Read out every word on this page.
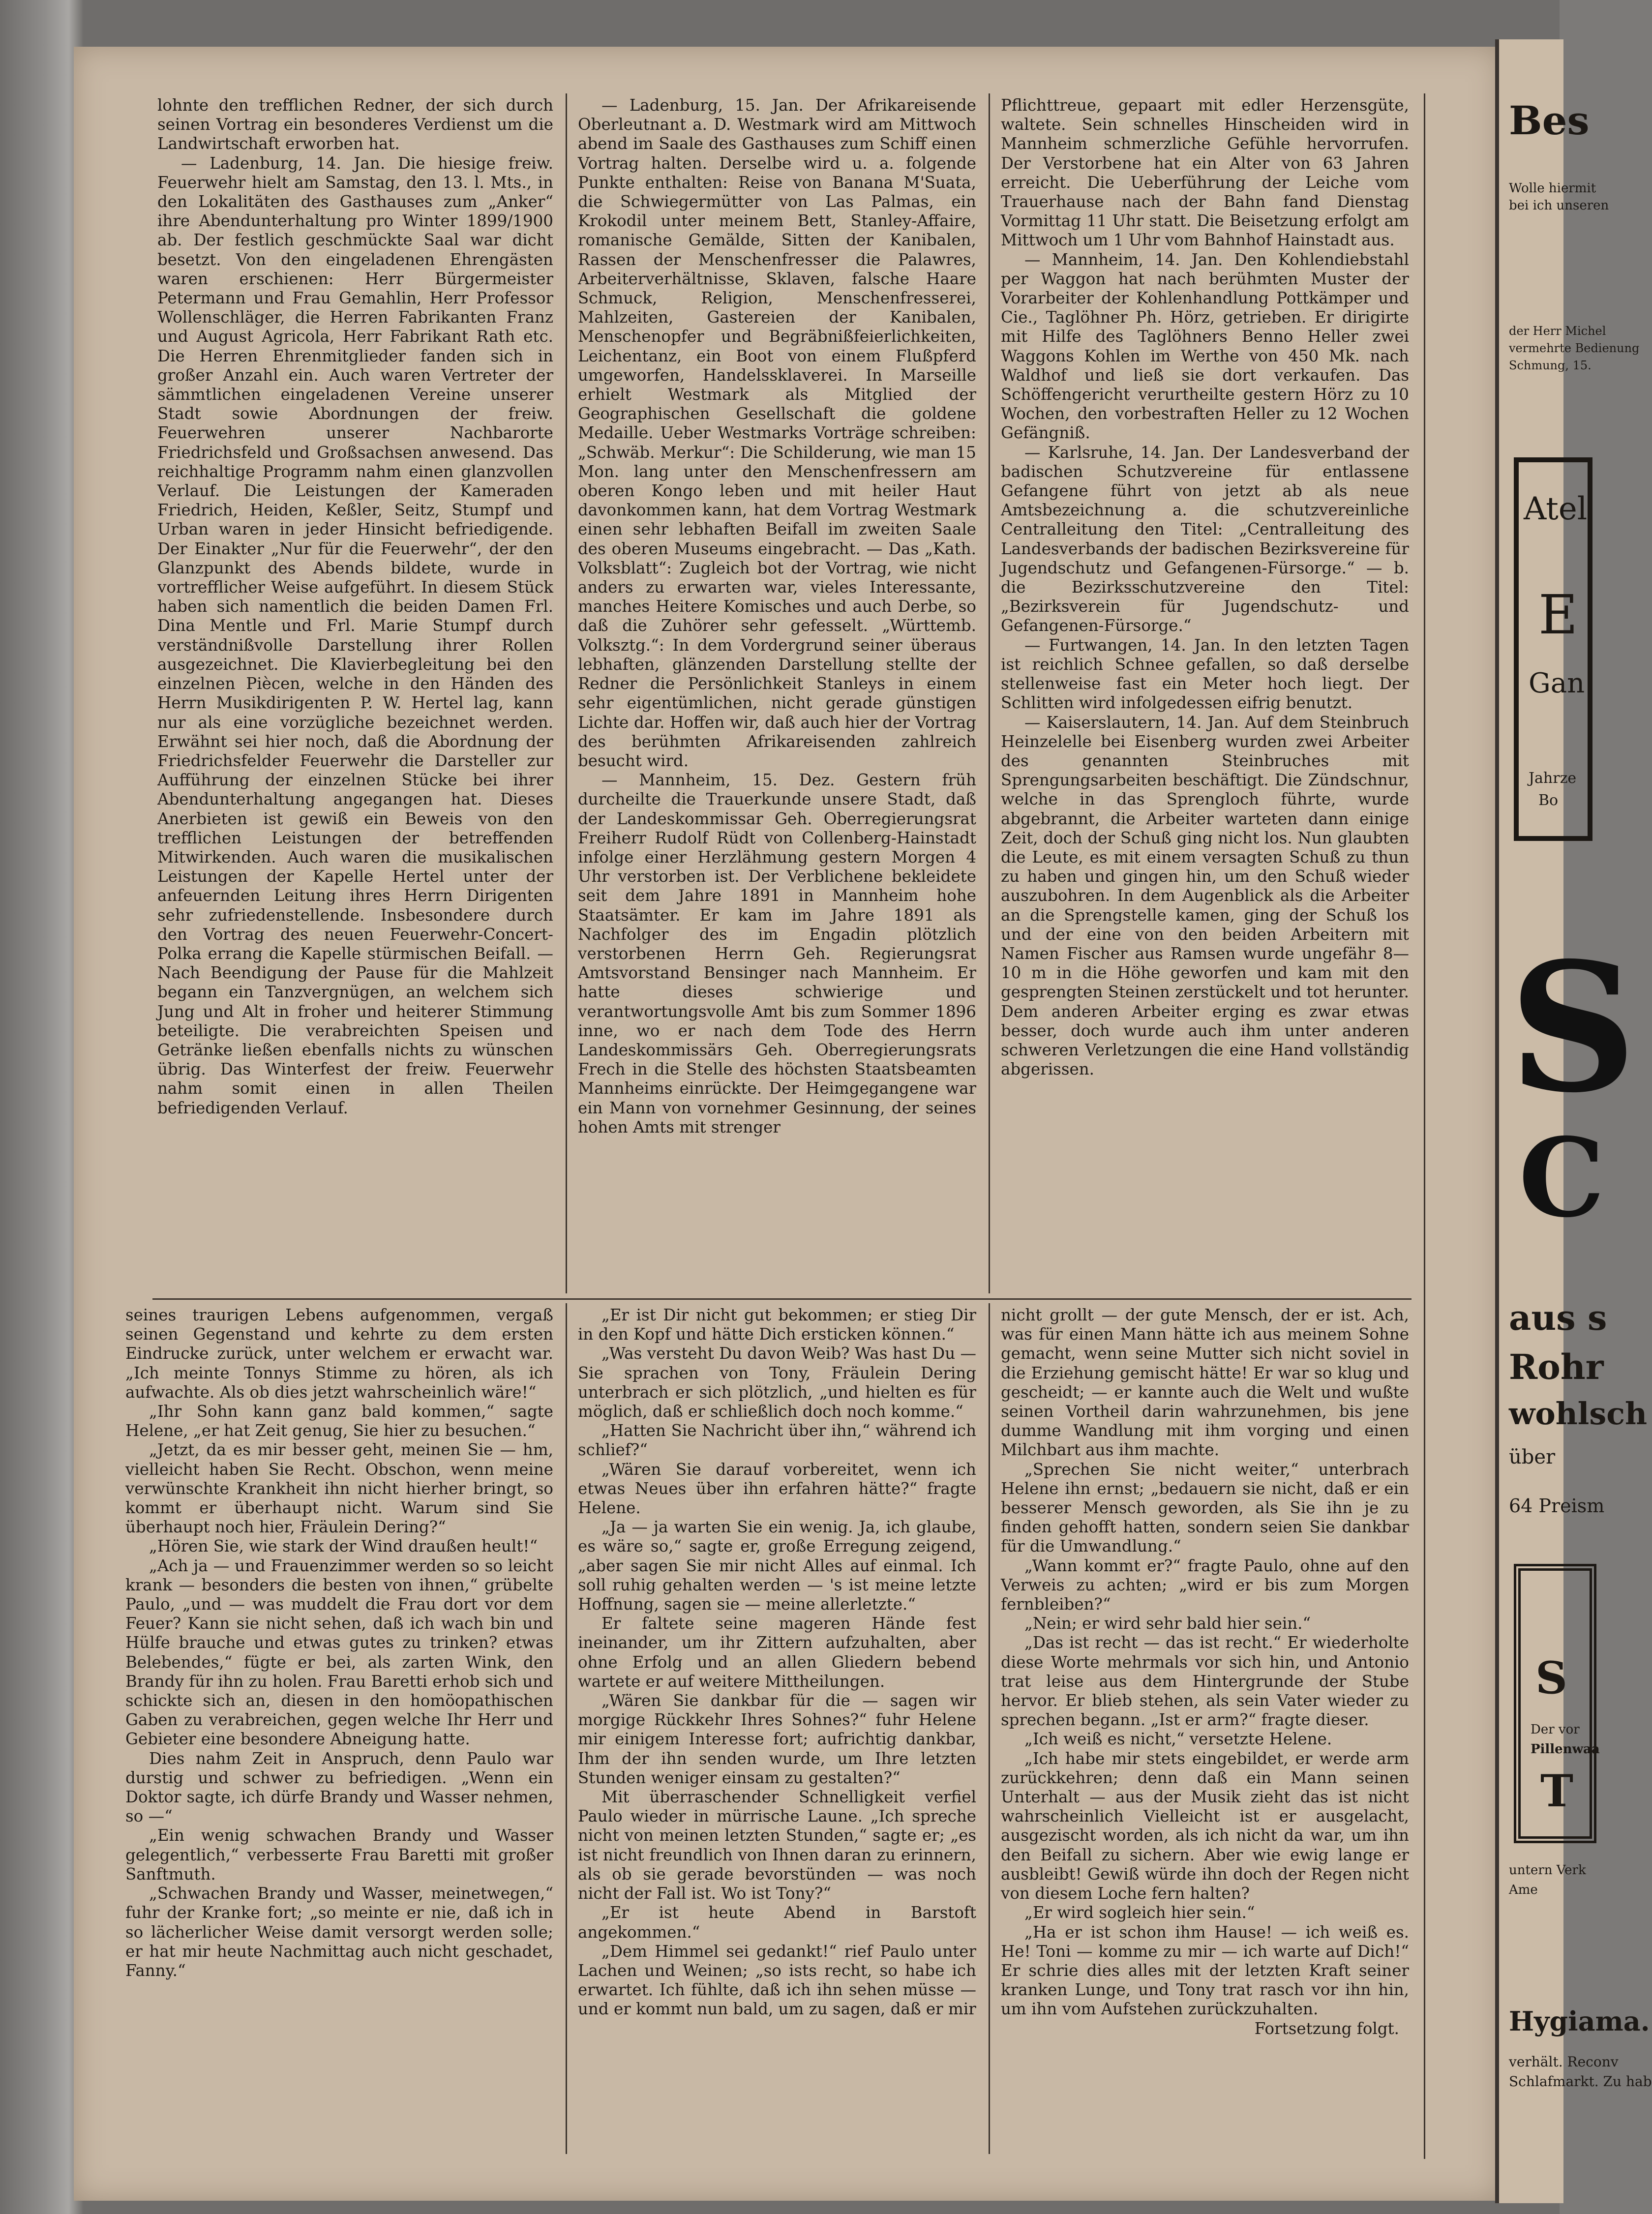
lohnte den trefflichen Redner, der sich durch seinen Vortrag ein besonderes Verdienst um die Landwirtschaft erworben hat.

— Ladenburg, 14. Jan. Die hiesige freiw. Feuerwehr hielt am Samstag, den 13. l. Mts., in den Lokalitäten des Gasthauses zum „Anker“ ihre Abendunterhaltung pro Winter 1899/1900 ab. Der festlich geschmückte Saal war dicht besetzt. Von den eingeladenen Ehrengästen waren erschienen: Herr Bürgermeister Petermann und Frau Gemahlin, Herr Professor Wollenschläger, die Herren Fabrikanten Franz und August Agricola, Herr Fabrikant Rath etc. Die Herren Ehrenmitglieder fanden sich in großer Anzahl ein. Auch waren Vertreter der sämmtlichen eingeladenen Vereine unserer Stadt sowie Abordnungen der freiw. Feuerwehren unserer Nachbarorte Friedrichsfeld und Großsachsen anwesend. Das reichhaltige Programm nahm einen glanzvollen Verlauf. Die Leistungen der Kameraden Friedrich, Heiden, Keßler, Seitz, Stumpf und Urban waren in jeder Hinsicht befriedigende. Der Einakter „Nur für die Feuerwehr“, der den Glanzpunkt des Abends bildete, wurde in vortrefflicher Weise aufgeführt. In diesem Stück haben sich namentlich die beiden Damen Frl. Dina Mentle und Frl. Marie Stumpf durch verständnißvolle Darstellung ihrer Rollen ausgezeichnet. Die Klavierbegleitung bei den einzelnen Piècen, welche in den Händen des Herrn Musikdirigenten P. W. Hertel lag, kann nur als eine vorzügliche bezeichnet werden. Erwähnt sei hier noch, daß die Abordnung der Friedrichsfelder Feuerwehr die Darsteller zur Aufführung der einzelnen Stücke bei ihrer Abendunterhaltung angegangen hat. Dieses Anerbieten ist gewiß ein Beweis von den trefflichen Leistungen der betreffenden Mitwirkenden. Auch waren die musikalischen Leistungen der Kapelle Hertel unter der anfeuernden Leitung ihres Herrn Dirigenten sehr zufriedenstellende. Insbesondere durch den Vortrag des neuen Feuerwehr-Concert-Polka errang die Kapelle stürmischen Beifall. — Nach Beendigung der Pause für die Mahlzeit begann ein Tanzvergnügen, an welchem sich Jung und Alt in froher und heiterer Stimmung beteiligte. Die verabreichten Speisen und Getränke ließen ebenfalls nichts zu wünschen übrig. Das Winterfest der freiw. Feuerwehr nahm somit einen in allen Theilen befriedigenden Verlauf.

— Ladenburg, 15. Jan. Der Afrikareisende Oberleutnant a. D. Westmark wird am Mittwoch abend im Saale des Gasthauses zum Schiff einen Vortrag halten. Derselbe wird u. a. folgende Punkte enthalten: Reise von Banana M'Suata, die Schwiegermütter von Las Palmas, ein Krokodil unter meinem Bett, Stanley-Affaire, romanische Gemälde, Sitten der Kanibalen, Rassen der Menschenfresser die Palawres, Arbeiterverhältnisse, Sklaven, falsche Haare Schmuck, Religion, Menschenfresserei, Mahlzeiten, Gastereien der Kanibalen, Menschenopfer und Begräbnißfeierlichkeiten, Leichentanz, ein Boot von einem Flußpferd umgeworfen, Handelssklaverei. In Marseille erhielt Westmark als Mitglied der Geographischen Gesellschaft die goldene Medaille. Ueber Westmarks Vorträge schreiben: „Schwäb. Merkur“: Die Schilderung, wie man 15 Mon. lang unter den Menschenfressern am oberen Kongo leben und mit heiler Haut davonkommen kann, hat dem Vortrag Westmark einen sehr lebhaften Beifall im zweiten Saale des oberen Museums eingebracht. — Das „Kath. Volksblatt“: Zugleich bot der Vortrag, wie nicht anders zu erwarten war, vieles Interessante, manches Heitere Komisches und auch Derbe, so daß die Zuhörer sehr gefesselt. „Württemb. Volksztg.“: In dem Vordergrund seiner überaus lebhaften, glänzenden Darstellung stellte der Redner die Persönlichkeit Stanleys in einem sehr eigentümlichen, nicht gerade günstigen Lichte dar. Hoffen wir, daß auch hier der Vortrag des berühmten Afrikareisenden zahlreich besucht wird.

— Mannheim, 15. Dez. Gestern früh durcheilte die Trauerkunde unsere Stadt, daß der Landeskommissar Geh. Oberregierungsrat Freiherr Rudolf Rüdt von Collenberg-Hainstadt infolge einer Herzlähmung gestern Morgen 4 Uhr verstorben ist. Der Verblichene bekleidete seit dem Jahre 1891 in Mannheim hohe Staatsämter. Er kam im Jahre 1891 als Nachfolger des im Engadin plötzlich verstorbenen Herrn Geh. Regierungsrat Amtsvorstand Bensinger nach Mannheim. Er hatte dieses schwierige und verantwortungsvolle Amt bis zum Sommer 1896 inne, wo er nach dem Tode des Herrn Landeskommissärs Geh. Oberregierungsrats Frech in die Stelle des höchsten Staatsbeamten Mannheims einrückte. Der Heimgegangene war ein Mann von vornehmer Gesinnung, der seines hohen Amts mit strenger

Pflichttreue, gepaart mit edler Herzensgüte, waltete. Sein schnelles Hinscheiden wird in Mannheim schmerzliche Gefühle hervorrufen. Der Verstorbene hat ein Alter von 63 Jahren erreicht. Die Ueberführung der Leiche vom Trauerhause nach der Bahn fand Dienstag Vormittag 11 Uhr statt. Die Beisetzung erfolgt am Mittwoch um 1 Uhr vom Bahnhof Hainstadt aus.

— Mannheim, 14. Jan. Den Kohlendiebstahl per Waggon hat nach berühmten Muster der Vorarbeiter der Kohlenhandlung Pottkämper und Cie., Taglöhner Ph. Hörz, getrieben. Er dirigirte mit Hilfe des Taglöhners Benno Heller zwei Waggons Kohlen im Werthe von 450 Mk. nach Waldhof und ließ sie dort verkaufen. Das Schöffengericht verurtheilte gestern Hörz zu 10 Wochen, den vorbestraften Heller zu 12 Wochen Gefängniß.

— Karlsruhe, 14. Jan. Der Landesverband der badischen Schutzvereine für entlassene Gefangene führt von jetzt ab als neue Amtsbezeichnung a. die schutzvereinliche Centralleitung den Titel: „Centralleitung des Landesverbands der badischen Bezirksvereine für Jugendschutz und Gefangenen-Fürsorge.“ — b. die Bezirksschutzvereine den Titel: „Bezirksverein für Jugendschutz- und Gefangenen-Fürsorge.“

— Furtwangen, 14. Jan. In den letzten Tagen ist reichlich Schnee gefallen, so daß derselbe stellenweise fast ein Meter hoch liegt. Der Schlitten wird infolgedessen eifrig benutzt.

— Kaiserslautern, 14. Jan. Auf dem Steinbruch Heinzelelle bei Eisenberg wurden zwei Arbeiter des genannten Steinbruches mit Sprengungsarbeiten beschäftigt. Die Zündschnur, welche in das Sprengloch führte, wurde abgebrannt, die Arbeiter warteten dann einige Zeit, doch der Schuß ging nicht los. Nun glaubten die Leute, es mit einem versagten Schuß zu thun zu haben und gingen hin, um den Schuß wieder auszubohren. In dem Augenblick als die Arbeiter an die Sprengstelle kamen, ging der Schuß los und der eine von den beiden Arbeitern mit Namen Fischer aus Ramsen wurde ungefähr 8—10 m in die Höhe geworfen und kam mit den gesprengten Steinen zerstückelt und tot herunter. Dem anderen Arbeiter erging es zwar etwas besser, doch wurde auch ihm unter anderen schweren Verletzungen die eine Hand vollständig abgerissen.

seines traurigen Lebens aufgenommen, vergaß seinen Gegenstand und kehrte zu dem ersten Eindrucke zurück, unter welchem er erwacht war. „Ich meinte Tonnys Stimme zu hören, als ich aufwachte. Als ob dies jetzt wahrscheinlich wäre!“

„Ihr Sohn kann ganz bald kommen,“ sagte Helene, „er hat Zeit genug, Sie hier zu besuchen.“

„Jetzt, da es mir besser geht, meinen Sie — hm, vielleicht haben Sie Recht. Obschon, wenn meine verwünschte Krankheit ihn nicht hierher bringt, so kommt er überhaupt nicht. Warum sind Sie überhaupt noch hier, Fräulein Dering?“

„Hören Sie, wie stark der Wind draußen heult!“

„Ach ja — und Frauenzimmer werden so so leicht krank — besonders die besten von ihnen,“ grübelte Paulo, „und — was muddelt die Frau dort vor dem Feuer? Kann sie nicht sehen, daß ich wach bin und Hülfe brauche und etwas gutes zu trinken? etwas Belebendes,“ fügte er bei, als zarten Wink, den Brandy für ihn zu holen. Frau Baretti erhob sich und schickte sich an, diesen in den homöopathischen Gaben zu verabreichen, gegen welche Ihr Herr und Gebieter eine besondere Abneigung hatte.

Dies nahm Zeit in Anspruch, denn Paulo war durstig und schwer zu befriedigen. „Wenn ein Doktor sagte, ich dürfe Brandy und Wasser nehmen, so —“

„Ein wenig schwachen Brandy und Wasser gelegentlich,“ verbesserte Frau Baretti mit großer Sanftmuth.

„Schwachen Brandy und Wasser, meinetwegen,“ fuhr der Kranke fort; „so meinte er nie, daß ich in so lächerlicher Weise damit versorgt werden solle; er hat mir heute Nachmittag auch nicht geschadet, Fanny.“

„Er ist Dir nicht gut bekommen; er stieg Dir in den Kopf und hätte Dich ersticken können.“

„Was versteht Du davon Weib? Was hast Du — Sie sprachen von Tony, Fräulein Dering unterbrach er sich plötzlich, „und hielten es für möglich, daß er schließlich doch noch komme.“

„Hatten Sie Nachricht über ihn,“ während ich schlief?“

„Wären Sie darauf vorbereitet, wenn ich etwas Neues über ihn erfahren hätte?“ fragte Helene.

„Ja — ja warten Sie ein wenig. Ja, ich glaube, es wäre so,“ sagte er, große Erregung zeigend, „aber sagen Sie mir nicht Alles auf einmal. Ich soll ruhig gehalten werden — 's ist meine letzte Hoffnung, sagen sie — meine allerletzte.“

Er faltete seine mageren Hände fest ineinander, um ihr Zittern aufzuhalten, aber ohne Erfolg und an allen Gliedern bebend wartete er auf weitere Mittheilungen.

„Wären Sie dankbar für die — sagen wir morgige Rückkehr Ihres Sohnes?“ fuhr Helene mir einigem Interesse fort; aufrichtig dankbar, Ihm der ihn senden wurde, um Ihre letzten Stunden weniger einsam zu gestalten?“

Mit überraschender Schnelligkeit verfiel Paulo wieder in mürrische Laune. „Ich spreche nicht von meinen letzten Stunden,“ sagte er; „es ist nicht freundlich von Ihnen daran zu erinnern, als ob sie gerade bevorstünden — was noch nicht der Fall ist. Wo ist Tony?“

„Er ist heute Abend in Barstoft angekommen.“

„Dem Himmel sei gedankt!“ rief Paulo unter Lachen und Weinen; „so ists recht, so habe ich erwartet. Ich fühlte, daß ich ihn sehen müsse — und er kommt nun bald, um zu sagen, daß er mir

nicht grollt — der gute Mensch, der er ist. Ach, was für einen Mann hätte ich aus meinem Sohne gemacht, wenn seine Mutter sich nicht soviel in die Erziehung gemischt hätte! Er war so klug und gescheidt; — er kannte auch die Welt und wußte seinen Vortheil darin wahrzunehmen, bis jene dumme Wandlung mit ihm vorging und einen Milchbart aus ihm machte.

„Sprechen Sie nicht weiter,“ unterbrach Helene ihn ernst; „bedauern sie nicht, daß er ein besserer Mensch geworden, als Sie ihn je zu finden gehofft hatten, sondern seien Sie dankbar für die Umwandlung.“

„Wann kommt er?“ fragte Paulo, ohne auf den Verweis zu achten; „wird er bis zum Morgen fernbleiben?“

„Nein; er wird sehr bald hier sein.“

„Das ist recht — das ist recht.“ Er wiederholte diese Worte mehrmals vor sich hin, und Antonio trat leise aus dem Hintergrunde der Stube hervor. Er blieb stehen, als sein Vater wieder zu sprechen begann. „Ist er arm?“ fragte dieser.

„Ich weiß es nicht,“ versetzte Helene.

„Ich habe mir stets eingebildet, er werde arm zurückkehren; denn daß ein Mann seinen Unterhalt — aus der Musik zieht das ist nicht wahrscheinlich Vielleicht ist er ausgelacht, ausgezischt worden, als ich nicht da war, um ihn den Beifall zu sichern. Aber wie ewig lange er ausbleibt! Gewiß würde ihn doch der Regen nicht von diesem Loche fern halten?

„Er wird sogleich hier sein.“

„Ha er ist schon ihm Hause! — ich weiß es. He! Toni — komme zu mir — ich warte auf Dich!“ Er schrie dies alles mit der letzten Kraft seiner kranken Lunge, und Tony trat rasch vor ihn hin, um ihn vom Aufstehen zurückzuhalten.

Fortsetzung folgt.

Bes
Wolle hiermit
bei ich unseren
der Herr Michel
vermehrte Bedienung
Schmung, 15.
Atel
E
Gan
Jahrze
Bo
S
C
aus s
Rohr
wohlsch
über
64 Preism
S
Der vor
Pillenwaa
T
untern Verk
Ame
Hygiama.
verhält. Reconv
Schlafmarkt. Zu hab
